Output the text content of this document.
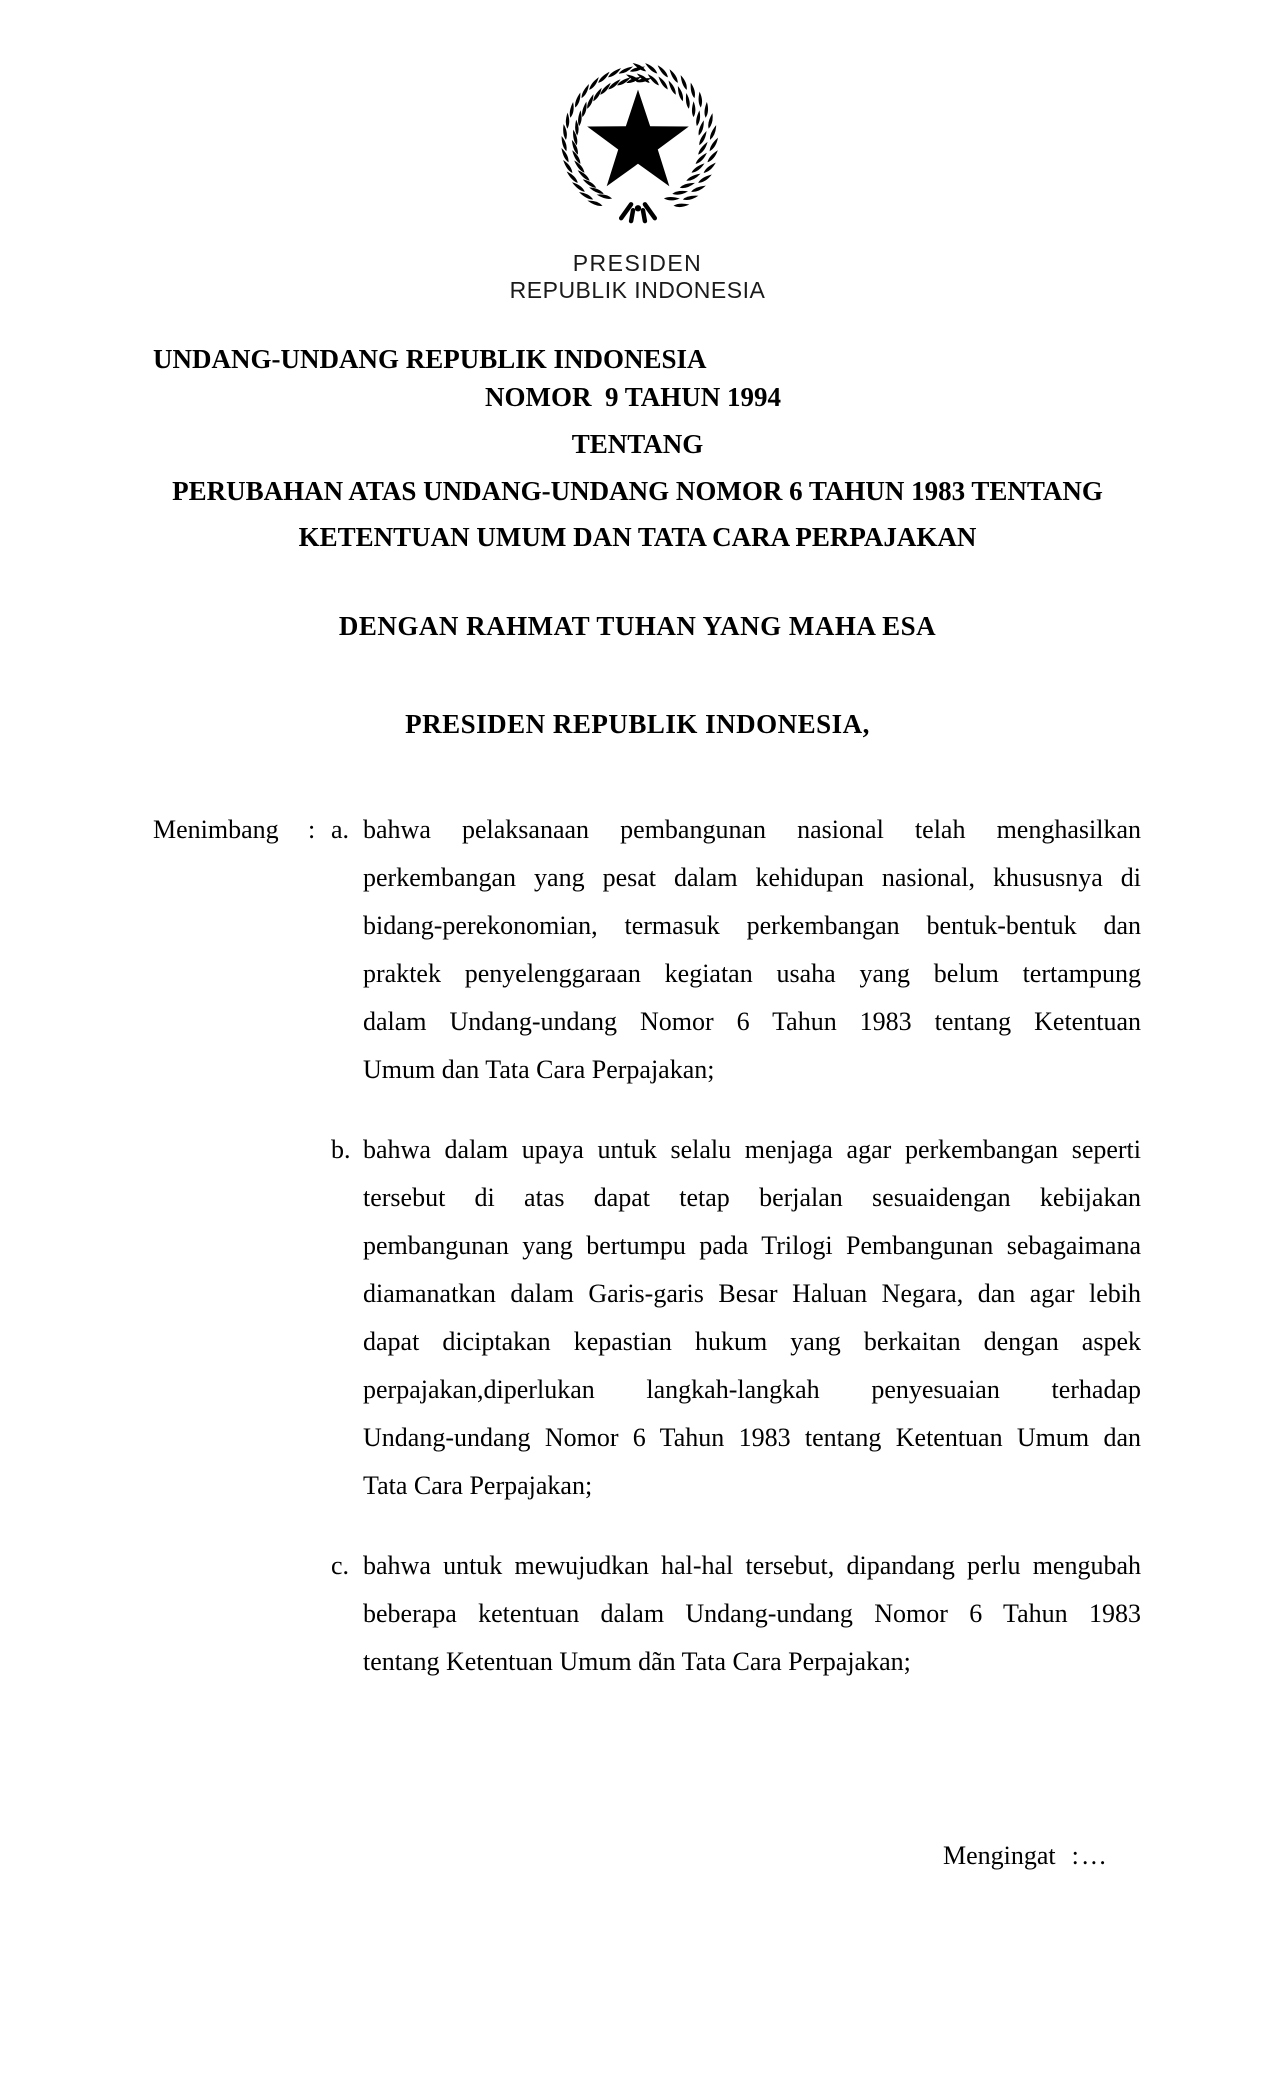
PRESIDEN
REPUBLIK INDONESIA
UNDANG-UNDANG REPUBLIK INDONESIA
NOMOR  9 TAHUN 1994
TENTANG
PERUBAHAN ATAS UNDANG-UNDANG NOMOR 6 TAHUN 1983 TENTANG
KETENTUAN UMUM DAN TATA CARA PERPAJAKAN
DENGAN RAHMAT TUHAN YANG MAHA ESA
PRESIDEN REPUBLIK INDONESIA,
Menimbang : a. bahwa pelaksanaan pembangunan nasional telah menghasilkan
perkembangan yang pesat dalam kehidupan nasional, khususnya di
bidang-perekonomian, termasuk perkembangan bentuk-bentuk dan
praktek penyelenggaraan kegiatan usaha yang belum tertampung
dalam Undang-undang Nomor 6 Tahun 1983 tentang Ketentuan
Umum dan Tata Cara Perpajakan;
b. bahwa dalam upaya untuk selalu menjaga agar perkembangan seperti
tersebut di atas dapat tetap berjalan sesuaidengan kebijakan
pembangunan yang bertumpu pada Trilogi Pembangunan sebagaimana
diamanatkan dalam Garis-garis Besar Haluan Negara, dan agar lebih
dapat diciptakan kepastian hukum yang berkaitan dengan aspek
perpajakan,diperlukan langkah-langkah penyesuaian terhadap
Undang-undang Nomor 6 Tahun 1983 tentang Ketentuan Umum dan
Tata Cara Perpajakan;
c. bahwa untuk mewujudkan hal-hal tersebut, dipandang perlu mengubah
beberapa ketentuan dalam Undang-undang Nomor 6 Tahun 1983
tentang Ketentuan Umum dãn Tata Cara Perpajakan;
Mengingat :…
